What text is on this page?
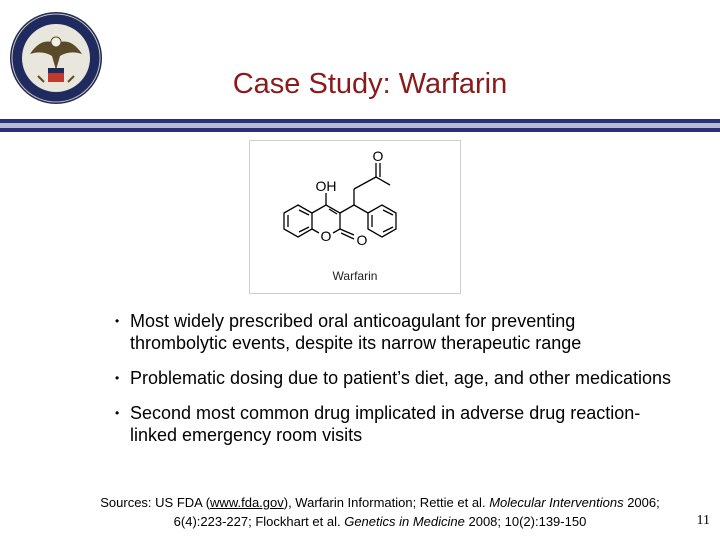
Case Study: Warfarin
O
OH
O O
Warfarin
• Most widely prescribed oral anticoagulant for preventing thrombolytic events, despite its narrow therapeutic range
• Problematic dosing due to patient’s diet, age, and other medications
• Second most common drug implicated in adverse drug reaction-linked emergency room visits
Sources: US FDA (www.fda.gov), Warfarin Information; Rettie et al. Molecular Interventions 2006; 6(4):223-227; Flockhart et al. Genetics in Medicine 2008; 10(2):139-150	11
